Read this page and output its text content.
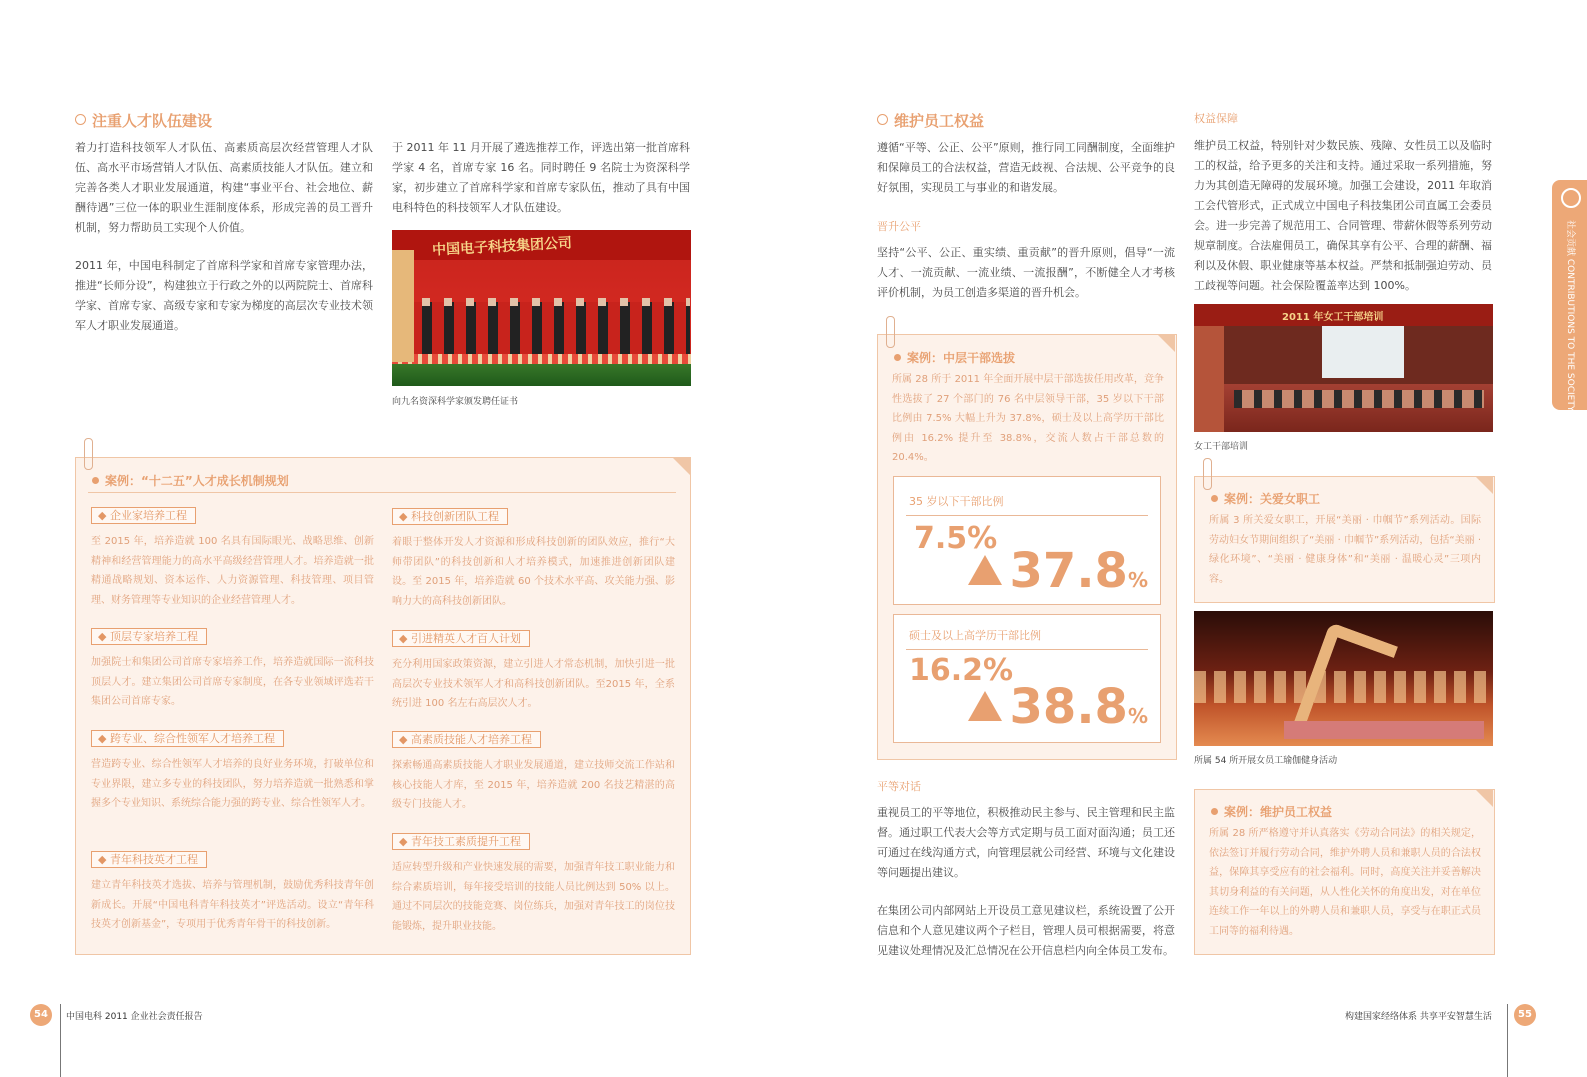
注重人才队伍建设
着力打造科技领军人才队伍、高素质高层次经营管理人才队伍、高水平市场营销人才队伍、高素质技能人才队伍。建立和完善各类人才职业发展通道，构建“事业平台、社会地位、薪酬待遇”三位一体的职业生涯制度体系，形成完善的员工晋升机制，努力帮助员工实现个人价值。
2011 年，中国电科制定了首席科学家和首席专家管理办法，推进“长师分设”，构建独立于行政之外的以两院院士、首席科学家、首席专家、高级专家和专家为梯度的高层次专业技术领军人才职业发展通道。
于 2011 年 11 月开展了遴选推荐工作，评选出第一批首席科学家 4 名，首席专家 16 名。同时聘任 9 名院士为资深科学家，初步建立了首席科学家和首席专家队伍，推动了具有中国电科特色的科技领军人才队伍建设。
中国电子科技集团公司
向九名资深科学家颁发聘任证书
案例：“十二五”人才成长机制规划
◆ 企业家培养工程
至 2015 年，培养造就 100 名具有国际眼光、战略思维、创新精神和经营管理能力的高水平高级经营管理人才。培养造就一批精通战略规划、资本运作、人力资源管理、科技管理、项目管理、财务管理等专业知识的企业经营管理人才。
◆ 顶层专家培养工程
加强院士和集团公司首席专家培养工作，培养造就国际一流科技顶层人才。建立集团公司首席专家制度，在各专业领域评选若干集团公司首席专家。
◆ 跨专业、综合性领军人才培养工程
营造跨专业、综合性领军人才培养的良好业务环境，打破单位和专业界限，建立多专业的科技团队，努力培养造就一批熟悉和掌握多个专业知识、系统综合能力强的跨专业、综合性领军人才。
◆ 青年科技英才工程
建立青年科技英才选拔、培养与管理机制，鼓励优秀科技青年创新成长。开展“中国电科青年科技英才”评选活动。设立“青年科技英才创新基金”，专项用于优秀青年骨干的科技创新。
◆ 科技创新团队工程
着眼于整体开发人才资源和形成科技创新的团队效应，推行“大师带团队”的科技创新和人才培养模式，加速推进创新团队建设。至 2015 年，培养造就 60 个技术水平高、攻关能力强、影响力大的高科技创新团队。
◆ 引进精英人才百人计划
充分利用国家政策资源，建立引进人才常态机制，加快引进一批高层次专业技术领军人才和高科技创新团队。至2015 年，全系统引进 100 名左右高层次人才。
◆ 高素质技能人才培养工程
探索畅通高素质技能人才职业发展通道，建立技师交流工作站和核心技能人才库，至 2015 年，培养造就 200 名技艺精湛的高级专门技能人才。
◆ 青年技工素质提升工程
适应转型升级和产业快速发展的需要，加强青年技工职业能力和综合素质培训，每年接受培训的技能人员比例达到 50% 以上。通过不同层次的技能竞赛、岗位练兵，加强对青年技工的岗位技能锻炼，提升职业技能。
维护员工权益
遵循“平等、公正、公平”原则，推行同工同酬制度，全面维护和保障员工的合法权益，营造无歧视、合法规、公平竞争的良好氛围，实现员工与事业的和谐发展。
晋升公平
坚持“公平、公正、重实绩、重贡献”的晋升原则，倡导“一流人才、一流贡献、一流业绩、一流报酬”，不断健全人才考核评价机制，为员工创造多渠道的晋升机会。
案例：中层干部选拔
所属 28 所于 2011 年全面开展中层干部选拔任用改革，竞争性选拔了 27 个部门的 76 名中层领导干部，35 岁以下干部比例由 7.5% 大幅上升为 37.8%，硕士及以上高学历干部比例由 16.2% 提升至 38.8%，交流人数占干部总数的 20.4%。
35 岁以下干部比例
7.5%
37.8%
硕士及以上高学历干部比例
16.2%
38.8%
平等对话
重视员工的平等地位，积极推动民主参与、民主管理和民主监督。通过职工代表大会等方式定期与员工面对面沟通；员工还可通过在线沟通方式，向管理层就公司经营、环境与文化建设等问题提出建议。
在集团公司内部网站上开设员工意见建议栏，系统设置了公开信息和个人意见建议两个子栏目，管理人员可根据需要，将意见建议处理情况及汇总情况在公开信息栏内向全体员工发布。
权益保障
维护员工权益，特别针对少数民族、残障、女性员工以及临时工的权益，给予更多的关注和支持。通过采取一系列措施，努力为其创造无障碍的发展环境。加强工会建设，2011 年取消工会代管形式，正式成立中国电子科技集团公司直属工会委员会。进一步完善了规范用工、合同管理、带薪休假等系列劳动规章制度。合法雇佣员工，确保其享有公平、合理的薪酬、福利以及休假、职业健康等基本权益。严禁和抵制强迫劳动、员工歧视等问题。社会保险覆盖率达到 100%。
2011 年女工干部培训
女工干部培训
案例：关爱女职工
所属 3 所关爱女职工，开展“美丽 · 巾帼节”系列活动。国际劳动妇女节期间组织了“美丽 · 巾帼节”系列活动，包括“美丽 · 绿化环境”、“美丽 · 健康身体”和“美丽 · 温暖心灵”三项内容。
所属 54 所开展女员工瑜伽健身活动
案例：维护员工权益
所属 28 所严格遵守并认真落实《劳动合同法》的相关规定，依法签订并履行劳动合同，维护外聘人员和兼职人员的合法权益，保障其享受应有的社会福利。同时，高度关注并妥善解决其切身利益的有关问题，从人性化关怀的角度出发，对在单位连续工作一年以上的外聘人员和兼职人员，享受与在职正式员工同等的福利待遇。
社会贡献 CONTRIBUTIONS TO THE SOCIETY
54 中国电科 2011 企业社会责任报告	构建国家经络体系 共享平安智慧生活	55
